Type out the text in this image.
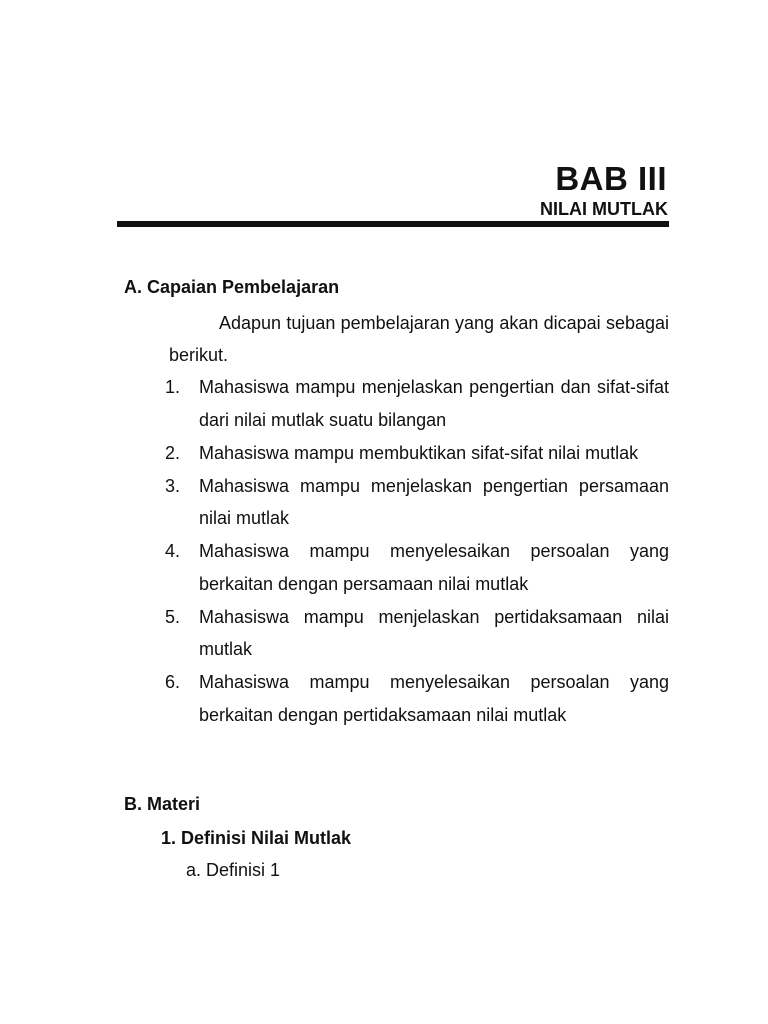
BAB III
NILAI MUTLAK
A. Capaian Pembelajaran

Adapun tujuan pembelajaran yang akan dicapai sebagai berikut.

1. Mahasiswa mampu menjelaskan pengertian dan sifat-sifat dari nilai mutlak suatu bilangan
2. Mahasiswa mampu membuktikan sifat-sifat nilai mutlak
3. Mahasiswa mampu menjelaskan pengertian persamaan nilai mutlak
4. Mahasiswa mampu menyelesaikan persoalan yang berkaitan dengan persamaan nilai mutlak
5. Mahasiswa mampu menjelaskan pertidaksamaan nilai mutlak
6. Mahasiswa mampu menyelesaikan persoalan yang berkaitan dengan pertidaksamaan nilai mutlak
B. Materi
1. Definisi Nilai Mutlak
a. Definisi 1
